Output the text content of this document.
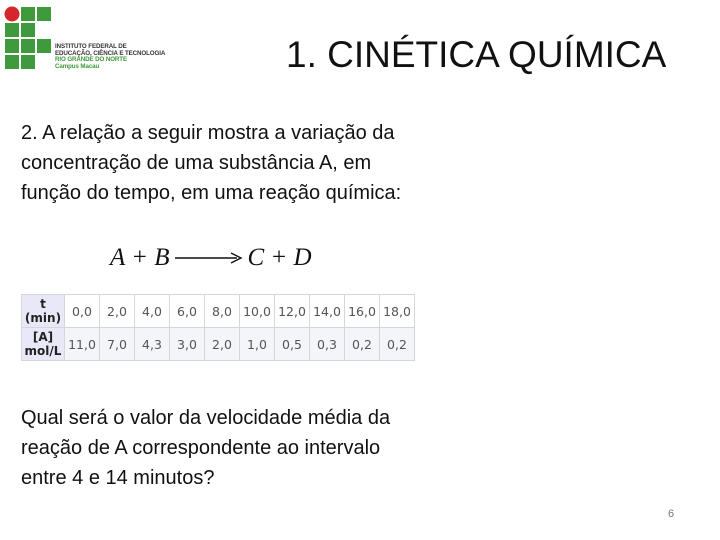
INSTITUTO FEDERAL DE
EDUCAÇÃO, CIÊNCIA E TECNOLOGIA
RIO GRANDE DO NORTE
Campus Macau	1. CINÉTICA QUÍMICA
2. A relação a seguir mostra a variação da concentração de uma substância A, em função do tempo, em uma reação química:
A + B → C + D
t
(min)	0,0	2,0	4,0	6,0	8,0	10,0	12,0	14,0	16,0	18,0

[A]
mol/L	11,0	7,0	4,3	3,0	2,0	1,0	0,5	0,3	0,2	0,2
Qual será o valor da velocidade média da reação de A correspondente ao intervalo entre 4 e 14 minutos?
6
